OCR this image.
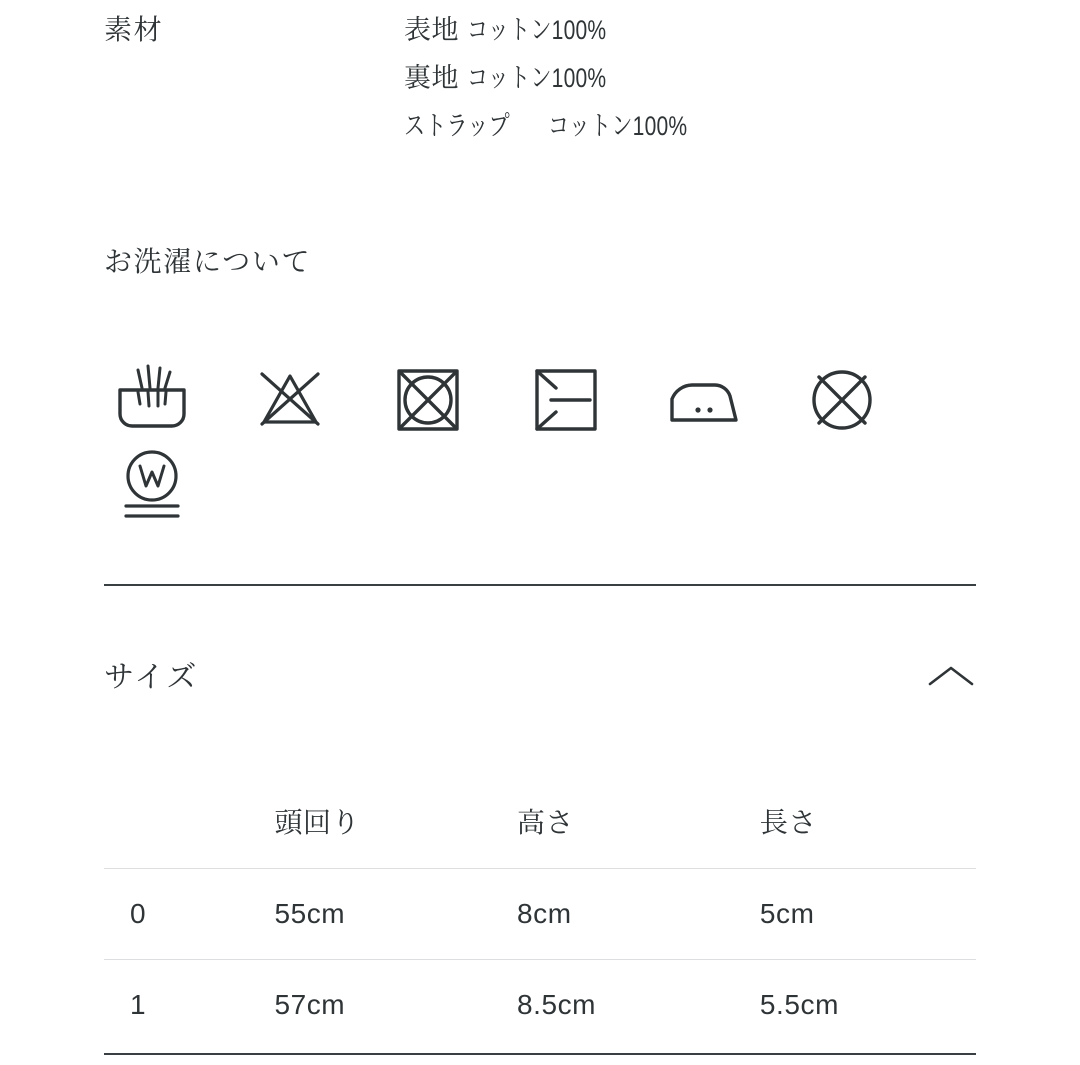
素材	表地 コットン100%
裏地 コットン100%
ストラップ コットン100%
お洗濯について
サイズ
	頭回り	高さ	長さ
0	55cm	8cm	5cm
1	57cm	8.5cm	5.5cm
